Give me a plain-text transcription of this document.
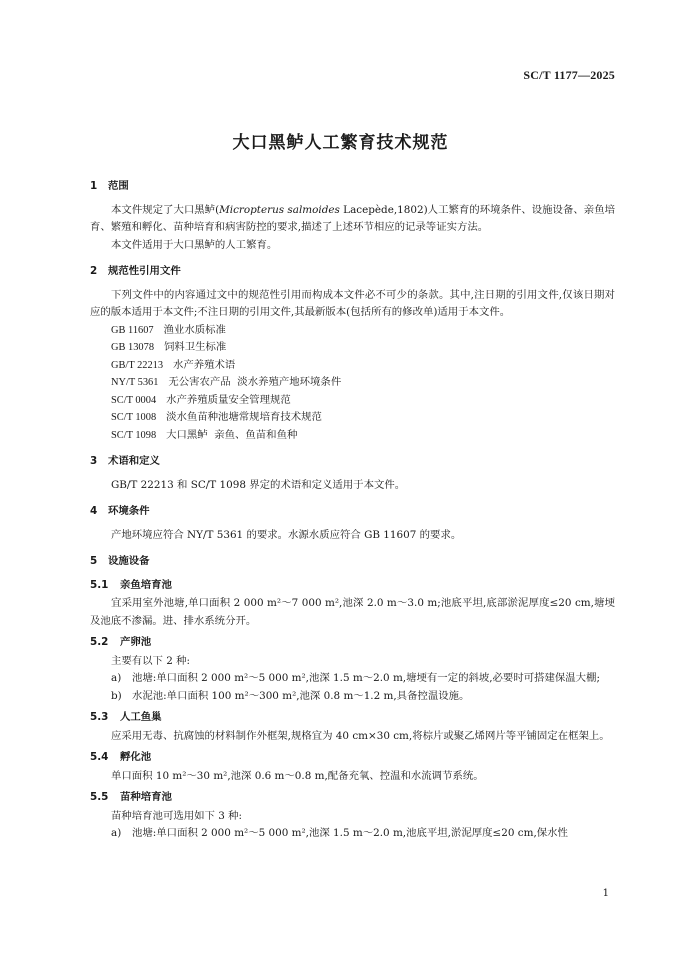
SC/T 1177—2025
大口黑鲈人工繁育技术规范
1	范围

本文件规定了大口黑鲈(Micropterus salmoides Lacepède,1802)人工繁育的环境条件、设施设备、亲鱼培育、繁殖和孵化、苗种培育和病害防控的要求,描述了上述环节相应的记录等证实方法。

本文件适用于大口黑鲈的人工繁育。

2	规范性引用文件

下列文件中的内容通过文中的规范性引用而构成本文件必不可少的条款。其中,注日期的引用文件,仅该日期对应的版本适用于本文件;不注日期的引用文件,其最新版本(包括所有的修改单)适用于本文件。

GB 11607 渔业水质标准

GB 13078 饲料卫生标准

GB/T 22213 水产养殖术语

NY/T 5361 无公害农产品  淡水养殖产地环境条件

SC/T 0004 水产养殖质量安全管理规范

SC/T 1008 淡水鱼苗种池塘常规培育技术规范

SC/T 1098 大口黑鲈  亲鱼、鱼苗和鱼种

3	术语和定义

GB/T 22213 和 SC/T 1098 界定的术语和定义适用于本文件。

4	环境条件

产地环境应符合 NY/T 5361 的要求。水源水质应符合 GB 11607 的要求。

5	设施设备
5.1	亲鱼培育池

宜采用室外池塘,单口面积 2 000 m²～7 000 m²,池深 2.0 m～3.0 m;池底平坦,底部淤泥厚度≤20 cm,塘埂及池底不渗漏。进、排水系统分开。

5.2	产卵池

主要有以下 2 种:

a) 池塘:单口面积 2 000 m²～5 000 m²,池深 1.5 m～2.0 m,塘埂有一定的斜坡,必要时可搭建保温大棚;

b) 水泥池:单口面积 100 m²～300 m²,池深 0.8 m～1.2 m,具备控温设施。

5.3	人工鱼巢

应采用无毒、抗腐蚀的材料制作外框架,规格宜为 40 cm×30 cm,将棕片或聚乙烯网片等平铺固定在框架上。

5.4	孵化池

单口面积 10 m²～30 m²,池深 0.6 m～0.8 m,配备充氧、控温和水流调节系统。

5.5	苗种培育池

苗种培育池可选用如下 3 种:

a) 池塘:单口面积 2 000 m²～5 000 m²,池深 1.5 m～2.0 m,池底平坦,淤泥厚度≤20 cm,保水性

1
